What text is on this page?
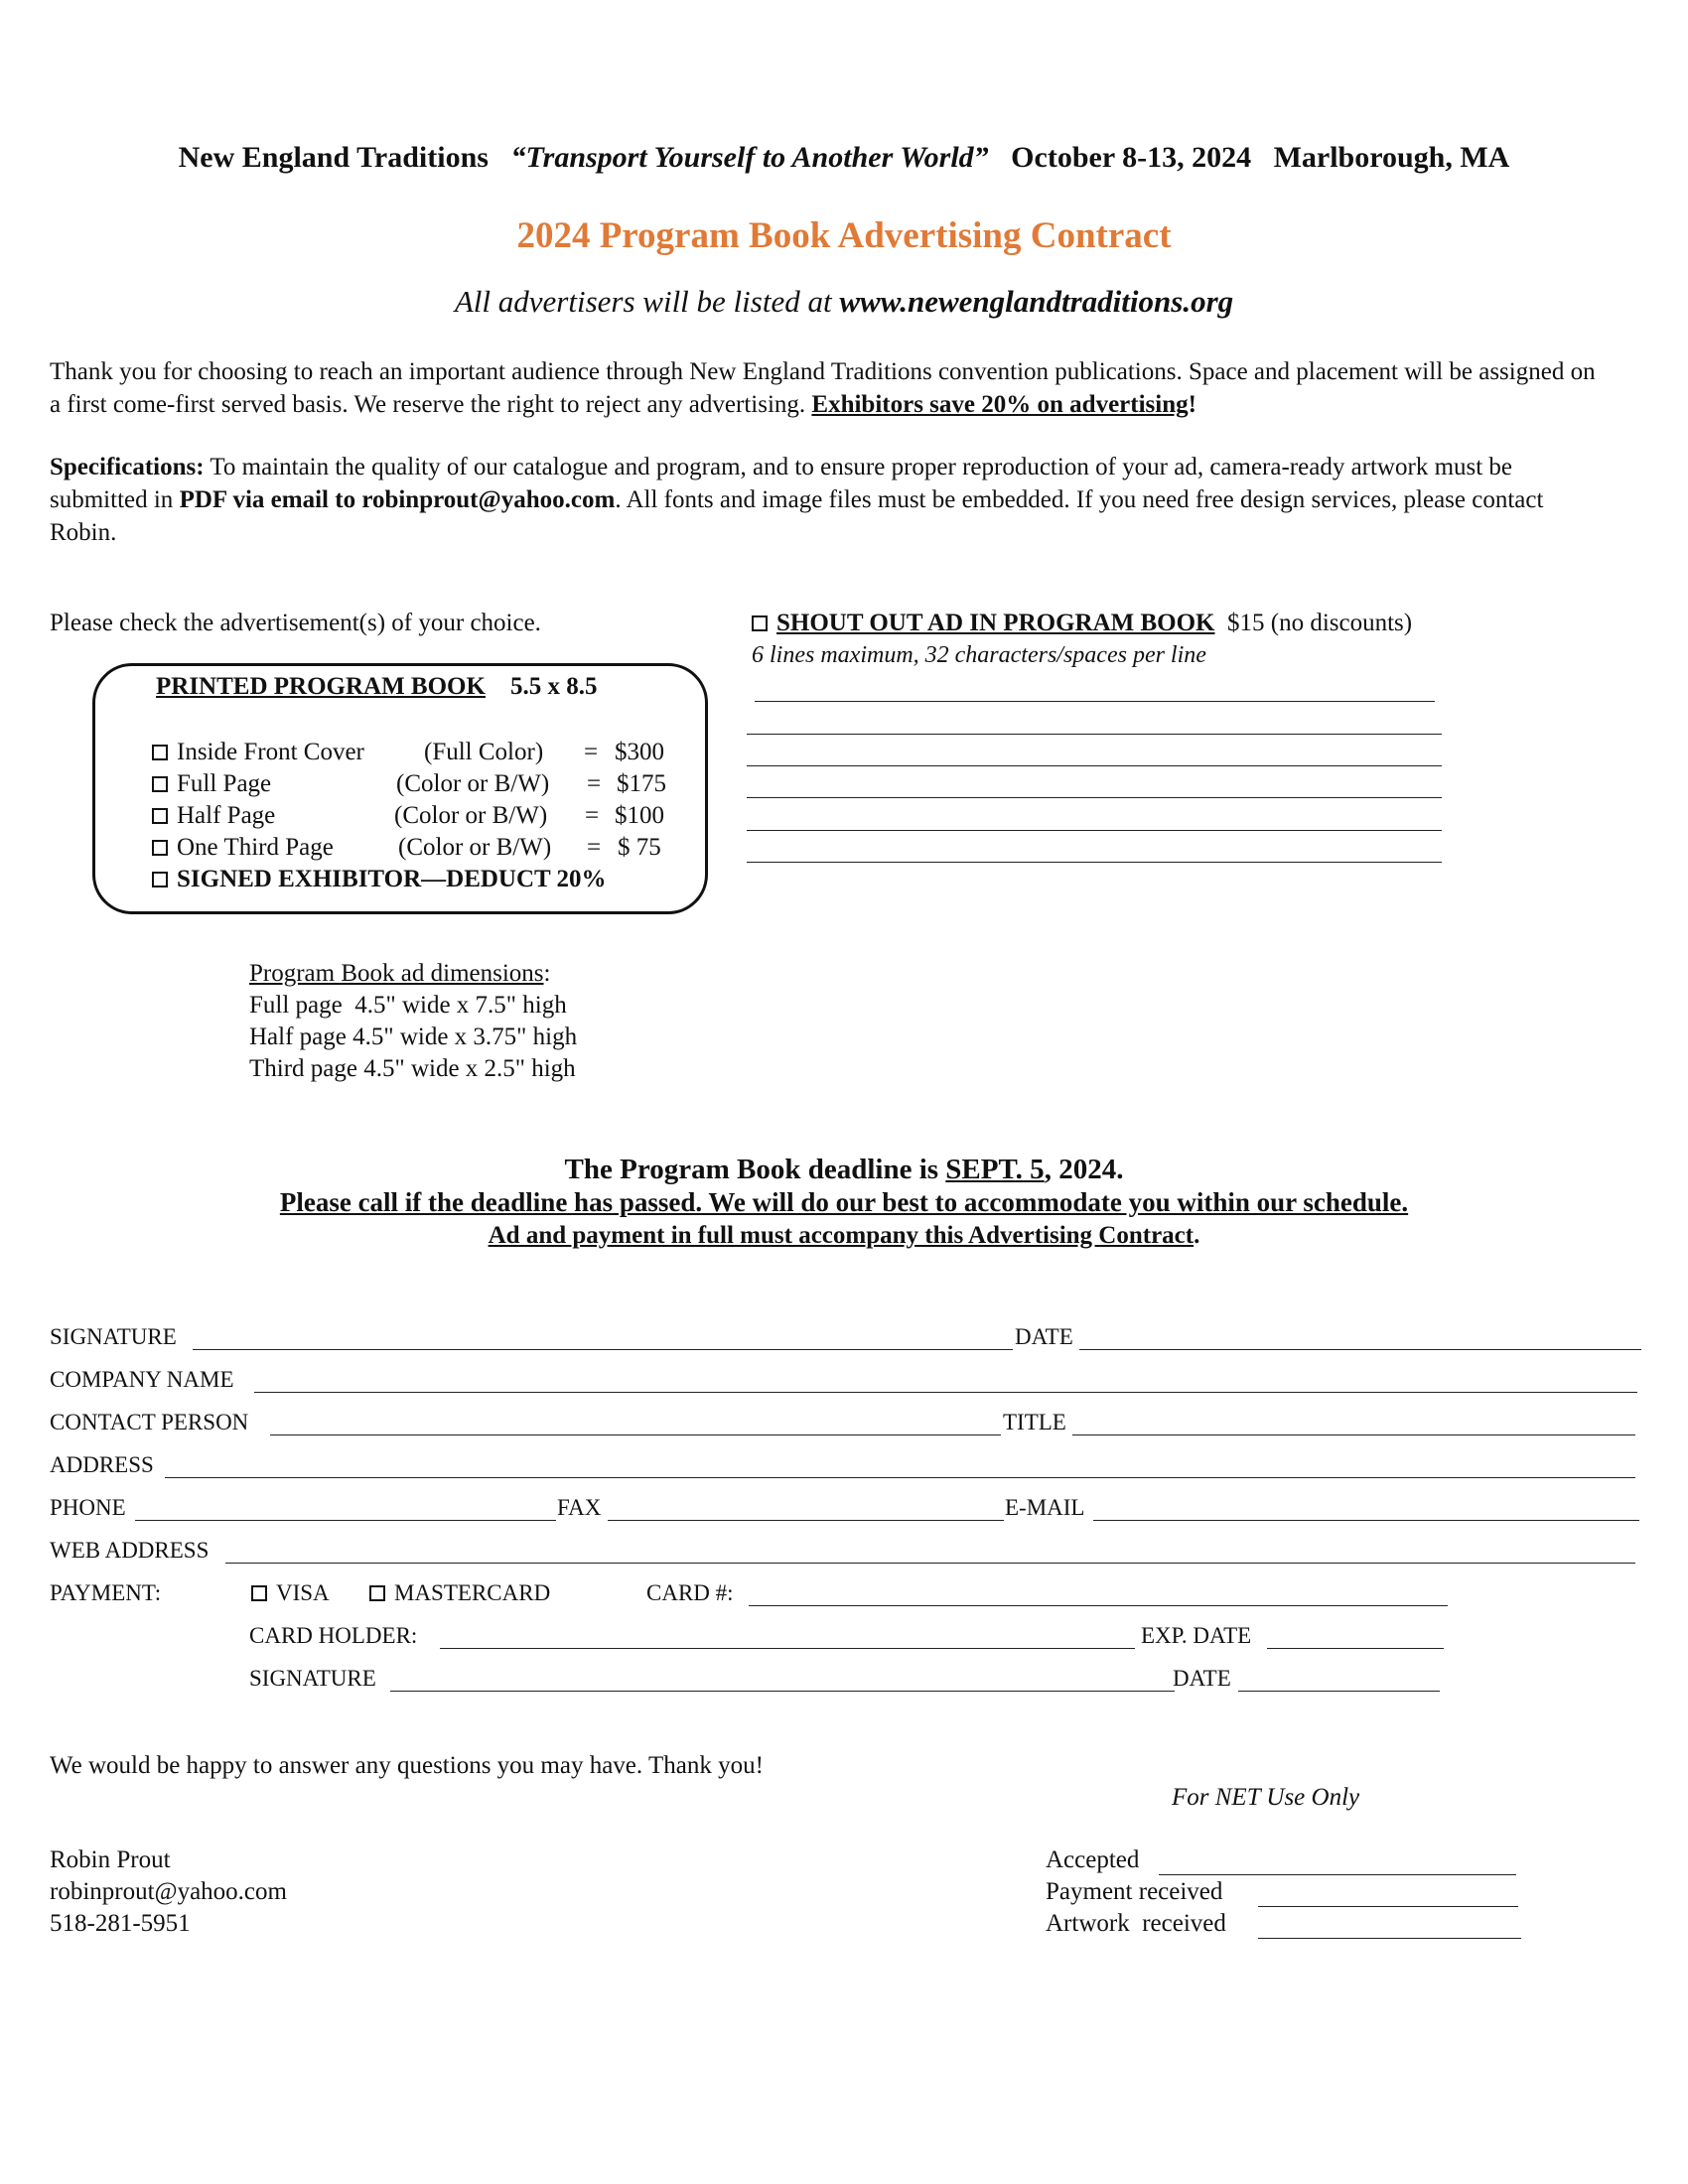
New England Traditions “Transport Yourself to Another World” October 8-13, 2024 Marlborough, MA
2024 Program Book Advertising Contract
All advertisers will be listed at www.newenglandtraditions.org
Thank you for choosing to reach an important audience through New England Traditions convention publications. Space and placement will be assigned on a first come-first served basis. We reserve the right to reject any advertising. Exhibitors save 20% on advertising!
Specifications: To maintain the quality of our catalogue and program, and to ensure proper reproduction of your ad, camera-ready artwork must be submitted in PDF via email to robinprout@yahoo.com. All fonts and image files must be embedded. If you need free design services, please contact Robin.
Please check the advertisement(s) of your choice.
PRINTED PROGRAM BOOK 5.5 x 8.5
Inside Front Cover (Full Color) = $300
Full Page	(Color or B/W) = $175
Half Page	(Color or B/W) = $100
One Third Page	(Color or B/W) = $ 75
SIGNED EXHIBITOR—DEDUCT 20%
SHOUT OUT AD IN PROGRAM BOOK $15 (no discounts)
6 lines maximum, 32 characters/spaces per line
Program Book ad dimensions:
Full page  4.5" wide x 7.5" high
Half page 4.5" wide x 3.75" high
Third page 4.5" wide x 2.5" high
The Program Book deadline is SEPT. 5, 2024.
Please call if the deadline has passed. We will do our best to accommodate you within our schedule.
Ad and payment in full must accompany this Advertising Contract.
SIGNATURE	DATE
COMPANY NAME
CONTACT PERSON	TITLE
ADDRESS
PHONE	FAX	E-MAIL
WEB ADDRESS
PAYMENT:	VISA	MASTERCARD	CARD #:
CARD HOLDER:	EXP. DATE
SIGNATURE	DATE
We would be happy to answer any questions you may have. Thank you!
For NET Use Only
Accepted
Payment received
Artwork  received
Robin Prout
robinprout@yahoo.com
518-281-5951
